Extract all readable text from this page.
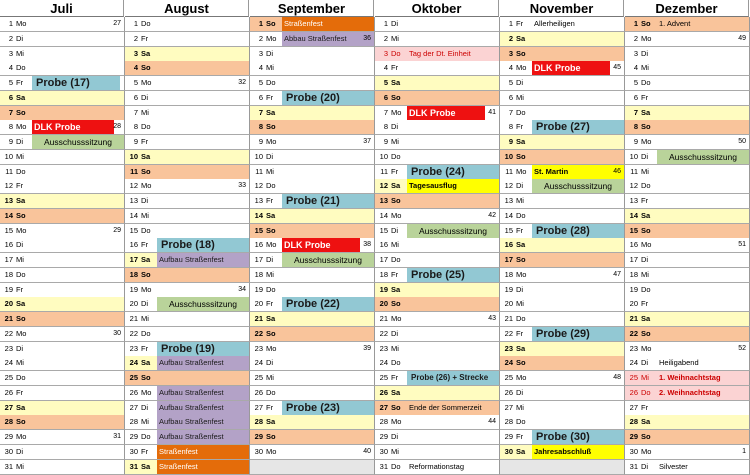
Juli
1 Mo	27
2 Di
3 Mi
4 Do
5 Fr	Probe (17)
6 Sa
7 So
8 Mo DLK Probe	28
9 Di	Ausschusssitzung
10 Mi
11 Do
12 Fr
13 Sa
14 So
15 Mo	29
16 Di
17 Mi
18 Do
19 Fr
20 Sa
21 So
22 Mo	30
23 Di
24 Mi
25 Do
26 Fr
27 Sa
28 So
29 Mo	31
30 Di
31 Mi
August
1 Do
2 Fr
3 Sa
4 So
5 Mo	32
6 Di
7 Mi
8 Do
9 Fr
10 Sa
11 So
12 Mo	33
13 Di
14 Mi
15 Do
16 Fr	Probe (18)
17 Sa	Aufbau Straßenfest
18 So
19 Mo	34
20 Di	Ausschusssitzung
21 Mi
22 Do
23 Fr	Probe (19)
24 Sa	Aufbau Straßenfest
25 So
26 Mo	Aufbau Straßenfest
27 Di	Aufbau Straßenfest
28 Mi	Aufbau Straßenfest
29 Do	Aufbau Straßenfest
30 Fr	Straßenfest
31 Sa	Straßenfest
September
1 So	Straßenfest
2 Mo	Abbau Straßenfest	36
3 Di
4 Mi
5 Do
6 Fr	Probe (20)
7 Sa
8 So
9 Mo	37
10 Di
11 Mi
12 Do
13 Fr	Probe (21)
14 Sa
15 So
16 Mo DLK Probe	38
17 Di	Ausschusssitzung
18 Mi
19 Do
20 Fr	Probe (22)
21 Sa
22 So
23 Mo	39
24 Di
25 Mi
26 Do
27 Fr	Probe (23)
28 Sa
29 So
30 Mo	40
Oktober
1 Di
2 Mi
3 Do	Tag der Dt. Einheit
4 Fr
5 Sa
6 So
7 Mo DLK Probe	41
8 Di
9 Mi
10 Do
11 Fr	Probe (24)
12 Sa	Tagesausflug
13 So
14 Mo	42
15 Di	Ausschusssitzung
16 Mi
17 Do
18 Fr	Probe (25)
19 Sa
20 So
21 Mo	43
22 Di
23 Mi
24 Do
25 Fr	Probe (26) + Strecke
26 Sa
27 So	Ende der Sommerzeit
28 Mo	44
29 Di
30 Mi
31 Do	Reformationstag
November
1 Fr	Allerheiligen
2 Sa
3 So
4 Mo DLK Probe	45
5 Di
6 Mi
7 Do
8 Fr	Probe (27)
9 Sa
10 So
11 Mo	St. Martin	46
12 Di	Ausschusssitzung
13 Mi
14 Do
15 Fr	Probe (28)
16 Sa
17 So
18 Mo	47
19 Di
20 Mi
21 Do
22 Fr	Probe (29)
23 Sa
24 So
25 Mo	48
26 Di
27 Mi
28 Do
29 Fr	Probe (30)
30 Sa	Jahresabschluß
Dezember
1 So	1. Advent
2 Mo	49
3 Di
4 Mi
5 Do
6 Fr
7 Sa
8 So
9 Mo	50
10 Di	Ausschusssitzung
11 Mi
12 Do
13 Fr
14 Sa
15 So
16 Mo	51
17 Di
18 Mi
19 Do
20 Fr
21 Sa
22 So
23 Mo	52
24 Di	Heiligabend
25 Mi	1. Weihnachtstag
26 Do	2. Weihnachtstag
27 Fr
28 Sa
29 So
30 Mo	1
31 Di	Silvester
